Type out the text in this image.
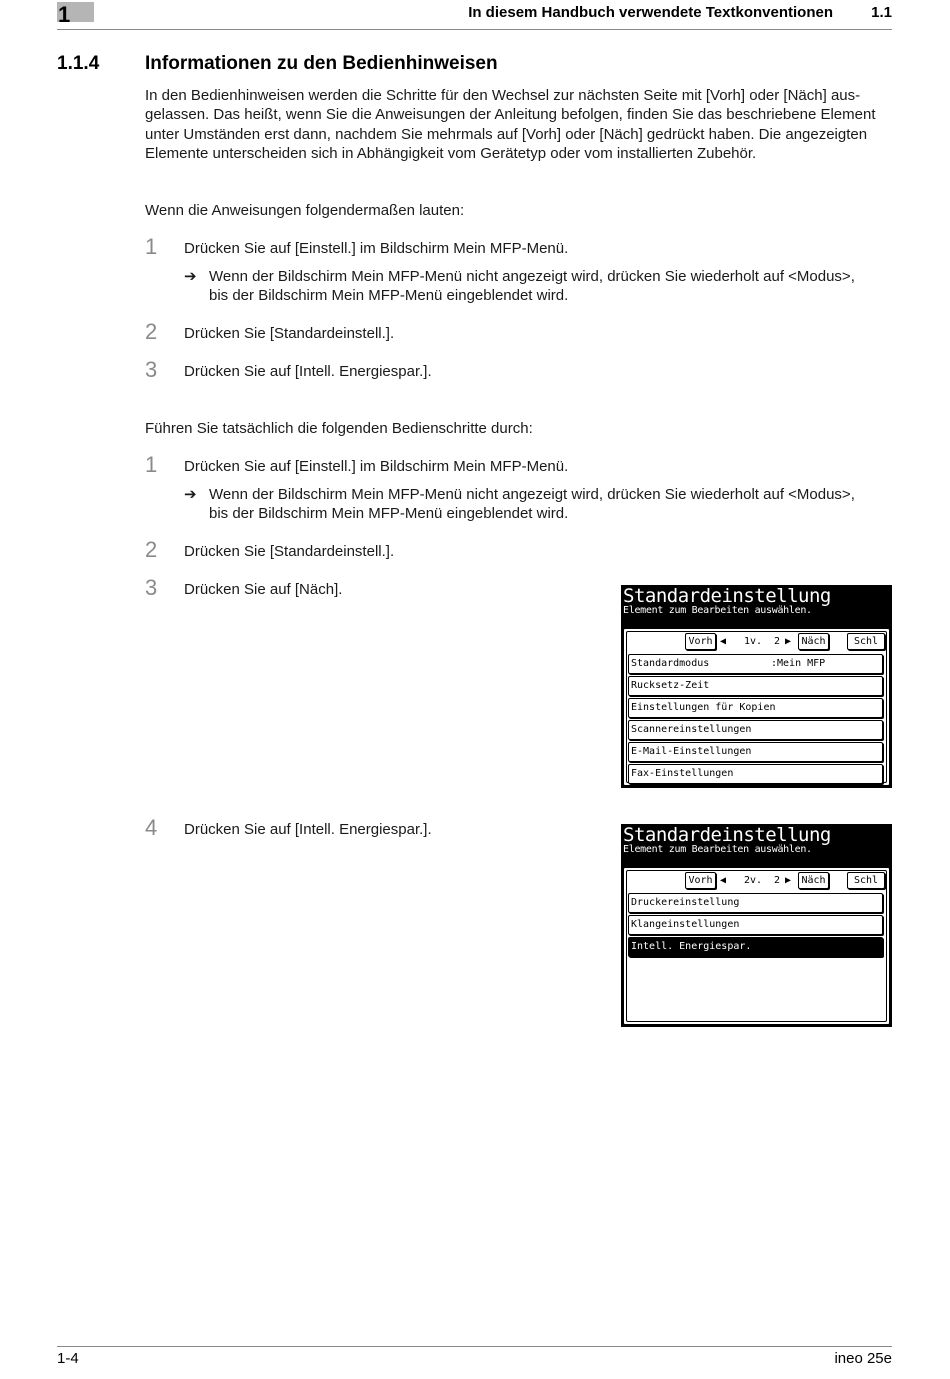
1	In diesem Handbuch verwendete Textkonventionen	1.1
1.1.4 Informationen zu den Bedienhinweisen
In den Bedienhinweisen werden die Schritte für den Wechsel zur nächsten Seite mit [Vorh] oder [Näch] aus-
gelassen. Das heißt, wenn Sie die Anweisungen der Anleitung befolgen, finden Sie das beschriebene Element
unter Umständen erst dann, nachdem Sie mehrmals auf [Vorh] oder [Näch] gedrückt haben. Die angezeigten
Elemente unterscheiden sich in Abhängigkeit vom Gerätetyp oder vom installierten Zubehör.
Wenn die Anweisungen folgendermaßen lauten:
1 Drücken Sie auf [Einstell.] im Bildschirm Mein MFP-Menü.
➔ Wenn der Bildschirm Mein MFP-Menü nicht angezeigt wird, drücken Sie wiederholt auf <Modus>,
bis der Bildschirm Mein MFP-Menü eingeblendet wird.
2 Drücken Sie [Standardeinstell.].
3 Drücken Sie auf [Intell. Energiespar.].
Führen Sie tatsächlich die folgenden Bedienschritte durch:
1 Drücken Sie auf [Einstell.] im Bildschirm Mein MFP-Menü.
➔ Wenn der Bildschirm Mein MFP-Menü nicht angezeigt wird, drücken Sie wiederholt auf <Modus>,
bis der Bildschirm Mein MFP-Menü eingeblendet wird.
2 Drücken Sie [Standardeinstell.].
3 Drücken Sie auf [Näch].
4 Drücken Sie auf [Intell. Energiespar.].
Standardeinstellung
Element zum Bearbeiten auswählen.
Vorh ◀ 1v. 2 ▶	Näch	Schl
Standardmodus	:Mein MFP
Rucksetz-Zeit
Einstellungen für Kopien
Scannereinstellungen
E-Mail-Einstellungen
Fax-Einstellungen
Standardeinstellung
Element zum Bearbeiten auswählen.
Vorh ◀ 2v. 2 ▶	Näch	Schl
Druckereinstellung
Klangeinstellungen
Intell. Energiespar.
1-4	ineo 25e
